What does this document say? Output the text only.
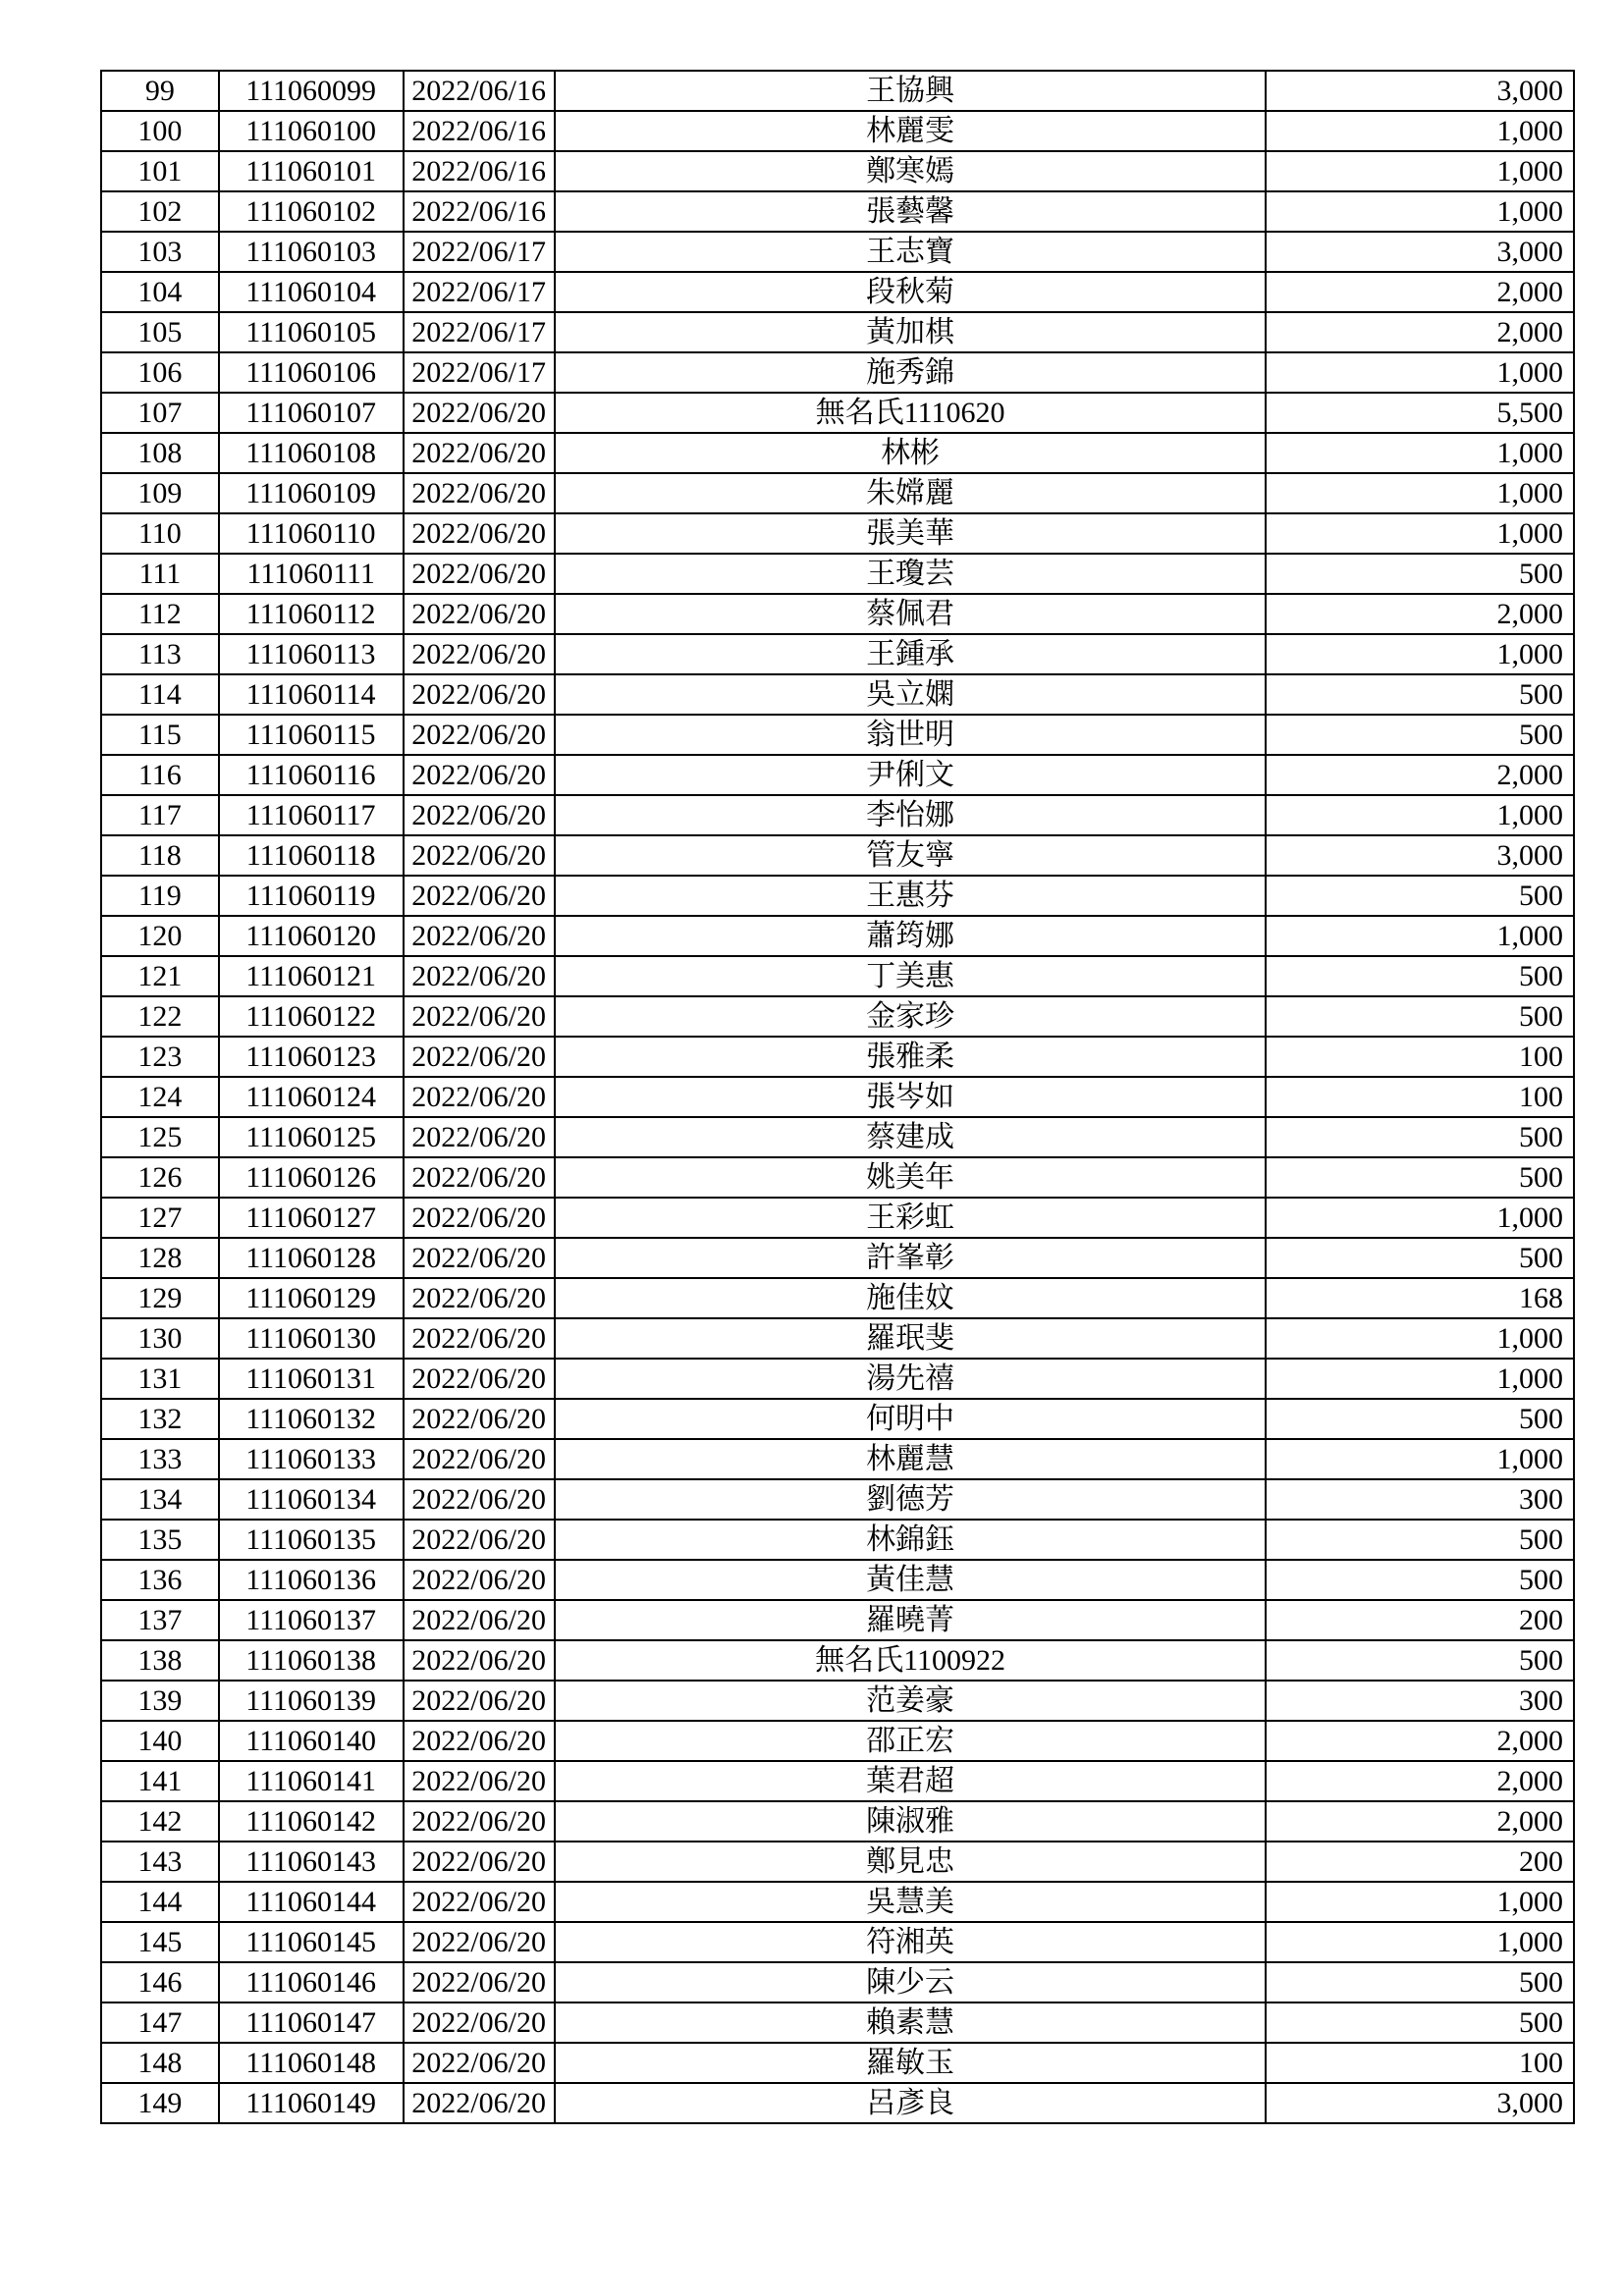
99	111060099	2022/06/16	王協興	3,000
100	111060100	2022/06/16	林麗雯	1,000
101	111060101	2022/06/16	鄭寒嫣	1,000
102	111060102	2022/06/16	張藝馨	1,000
103	111060103	2022/06/17	王志寶	3,000
104	111060104	2022/06/17	段秋菊	2,000
105	111060105	2022/06/17	黃加棋	2,000
106	111060106	2022/06/17	施秀錦	1,000
107	111060107	2022/06/20	無名氏1110620	5,500
108	111060108	2022/06/20	林彬	1,000
109	111060109	2022/06/20	朱嫦麗	1,000
110	111060110	2022/06/20	張美華	1,000
111	111060111	2022/06/20	王瓊芸	500
112	111060112	2022/06/20	蔡佩君	2,000
113	111060113	2022/06/20	王鍾承	1,000
114	111060114	2022/06/20	吳立嫻	500
115	111060115	2022/06/20	翁世明	500
116	111060116	2022/06/20	尹俐文	2,000
117	111060117	2022/06/20	李怡娜	1,000
118	111060118	2022/06/20	管友寧	3,000
119	111060119	2022/06/20	王惠芬	500
120	111060120	2022/06/20	蕭筠娜	1,000
121	111060121	2022/06/20	丁美惠	500
122	111060122	2022/06/20	金家珍	500
123	111060123	2022/06/20	張雅柔	100
124	111060124	2022/06/20	張岑如	100
125	111060125	2022/06/20	蔡建成	500
126	111060126	2022/06/20	姚美年	500
127	111060127	2022/06/20	王彩虹	1,000
128	111060128	2022/06/20	許峯彰	500
129	111060129	2022/06/20	施佳妏	168
130	111060130	2022/06/20	羅珉斐	1,000
131	111060131	2022/06/20	湯先禧	1,000
132	111060132	2022/06/20	何明中	500
133	111060133	2022/06/20	林麗慧	1,000
134	111060134	2022/06/20	劉德芳	300
135	111060135	2022/06/20	林錦鈺	500
136	111060136	2022/06/20	黃佳慧	500
137	111060137	2022/06/20	羅曉菁	200
138	111060138	2022/06/20	無名氏1100922	500
139	111060139	2022/06/20	范姜豪	300
140	111060140	2022/06/20	邵正宏	2,000
141	111060141	2022/06/20	葉君超	2,000
142	111060142	2022/06/20	陳淑雅	2,000
143	111060143	2022/06/20	鄭見忠	200
144	111060144	2022/06/20	吳慧美	1,000
145	111060145	2022/06/20	符湘英	1,000
146	111060146	2022/06/20	陳少云	500
147	111060147	2022/06/20	賴素慧	500
148	111060148	2022/06/20	羅敏玉	100
149	111060149	2022/06/20	呂彥良	3,000
